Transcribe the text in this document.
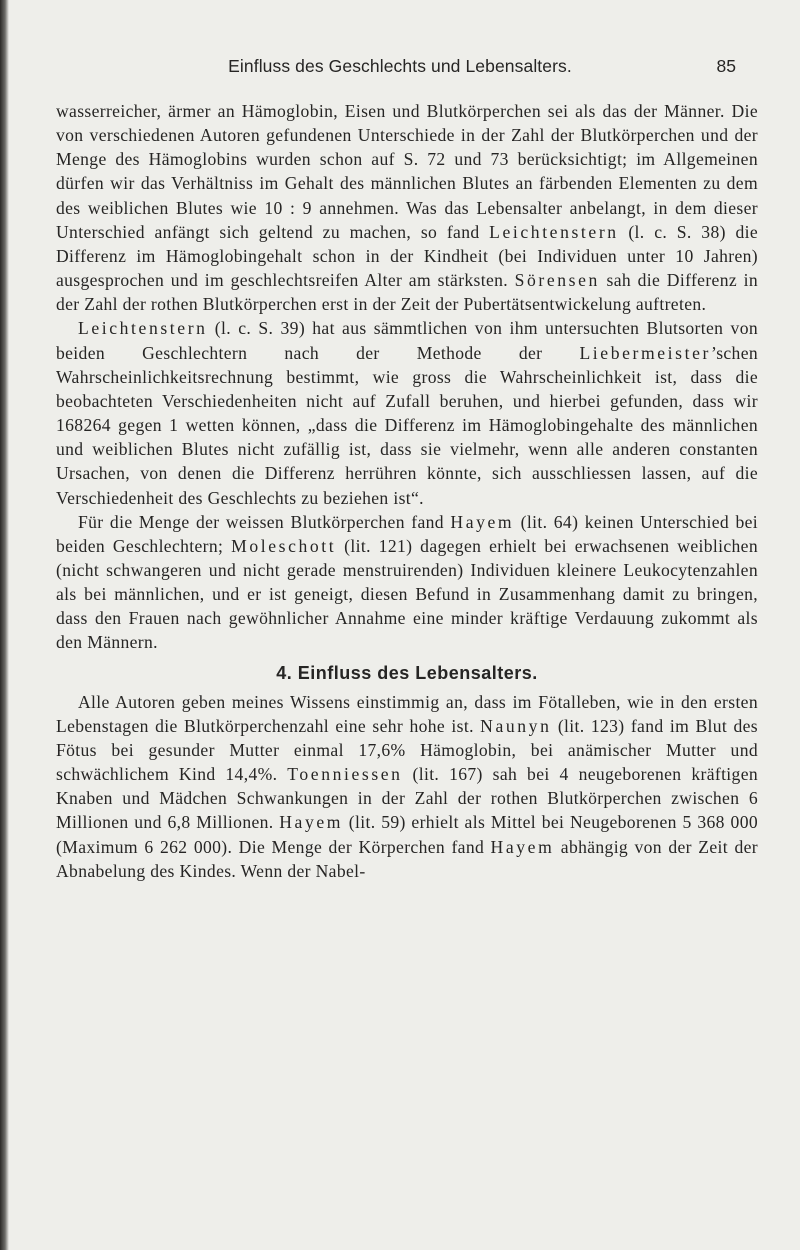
Einfluss des Geschlechts und Lebensalters.	85

wasserreicher, ärmer an Hämoglobin, Eisen und Blutkörperchen sei als das der Männer. Die von verschiedenen Autoren gefundenen Unterschiede in der Zahl der Blutkörperchen und der Menge des Hämoglobins wurden schon auf S. 72 und 73 berücksichtigt; im Allgemeinen dürfen wir das Verhältniss im Gehalt des männlichen Blutes an färbenden Elementen zu dem des weiblichen Blutes wie 10 : 9 annehmen. Was das Lebensalter anbelangt, in dem dieser Unterschied anfängt sich geltend zu machen, so fand Leichtenstern (l. c. S. 38) die Differenz im Hämoglobingehalt schon in der Kindheit (bei Individuen unter 10 Jahren) ausgesprochen und im geschlechtsreifen Alter am stärksten. Sörensen sah die Differenz in der Zahl der rothen Blutkörperchen erst in der Zeit der Pubertätsentwickelung auftreten.

Leichtenstern (l. c. S. 39) hat aus sämmtlichen von ihm untersuchten Blutsorten von beiden Geschlechtern nach der Methode der Liebermeister’schen Wahrscheinlichkeitsrechnung bestimmt, wie gross die Wahrscheinlichkeit ist, dass die beobachteten Verschiedenheiten nicht auf Zufall beruhen, und hierbei gefunden, dass wir 168264 gegen 1 wetten können, „dass die Differenz im Hämoglobingehalte des männlichen und weiblichen Blutes nicht zufällig ist, dass sie vielmehr, wenn alle anderen constanten Ursachen, von denen die Differenz herrühren könnte, sich ausschliessen lassen, auf die Verschiedenheit des Geschlechts zu beziehen ist“.

Für die Menge der weissen Blutkörperchen fand Hayem (lit. 64) keinen Unterschied bei beiden Geschlechtern; Moleschott (lit. 121) dagegen erhielt bei erwachsenen weiblichen (nicht schwangeren und nicht gerade menstruirenden) Individuen kleinere Leukocytenzahlen als bei männlichen, und er ist geneigt, diesen Befund in Zusammenhang damit zu bringen, dass den Frauen nach gewöhnlicher Annahme eine minder kräftige Verdauung zukommt als den Männern.

4. Einfluss des Lebensalters.

Alle Autoren geben meines Wissens einstimmig an, dass im Fötalleben, wie in den ersten Lebenstagen die Blutkörperchenzahl eine sehr hohe ist. Naunyn (lit. 123) fand im Blut des Fötus bei gesunder Mutter einmal 17,6% Hämoglobin, bei anämischer Mutter und schwächlichem Kind 14,4%. Toenniessen (lit. 167) sah bei 4 neugeborenen kräftigen Knaben und Mädchen Schwankungen in der Zahl der rothen Blutkörperchen zwischen 6 Millionen und 6,8 Millionen. Hayem (lit. 59) erhielt als Mittel bei Neugeborenen 5 368 000 (Maximum 6 262 000). Die Menge der Körperchen fand Hayem abhängig von der Zeit der Abnabelung des Kindes. Wenn der Nabel-
